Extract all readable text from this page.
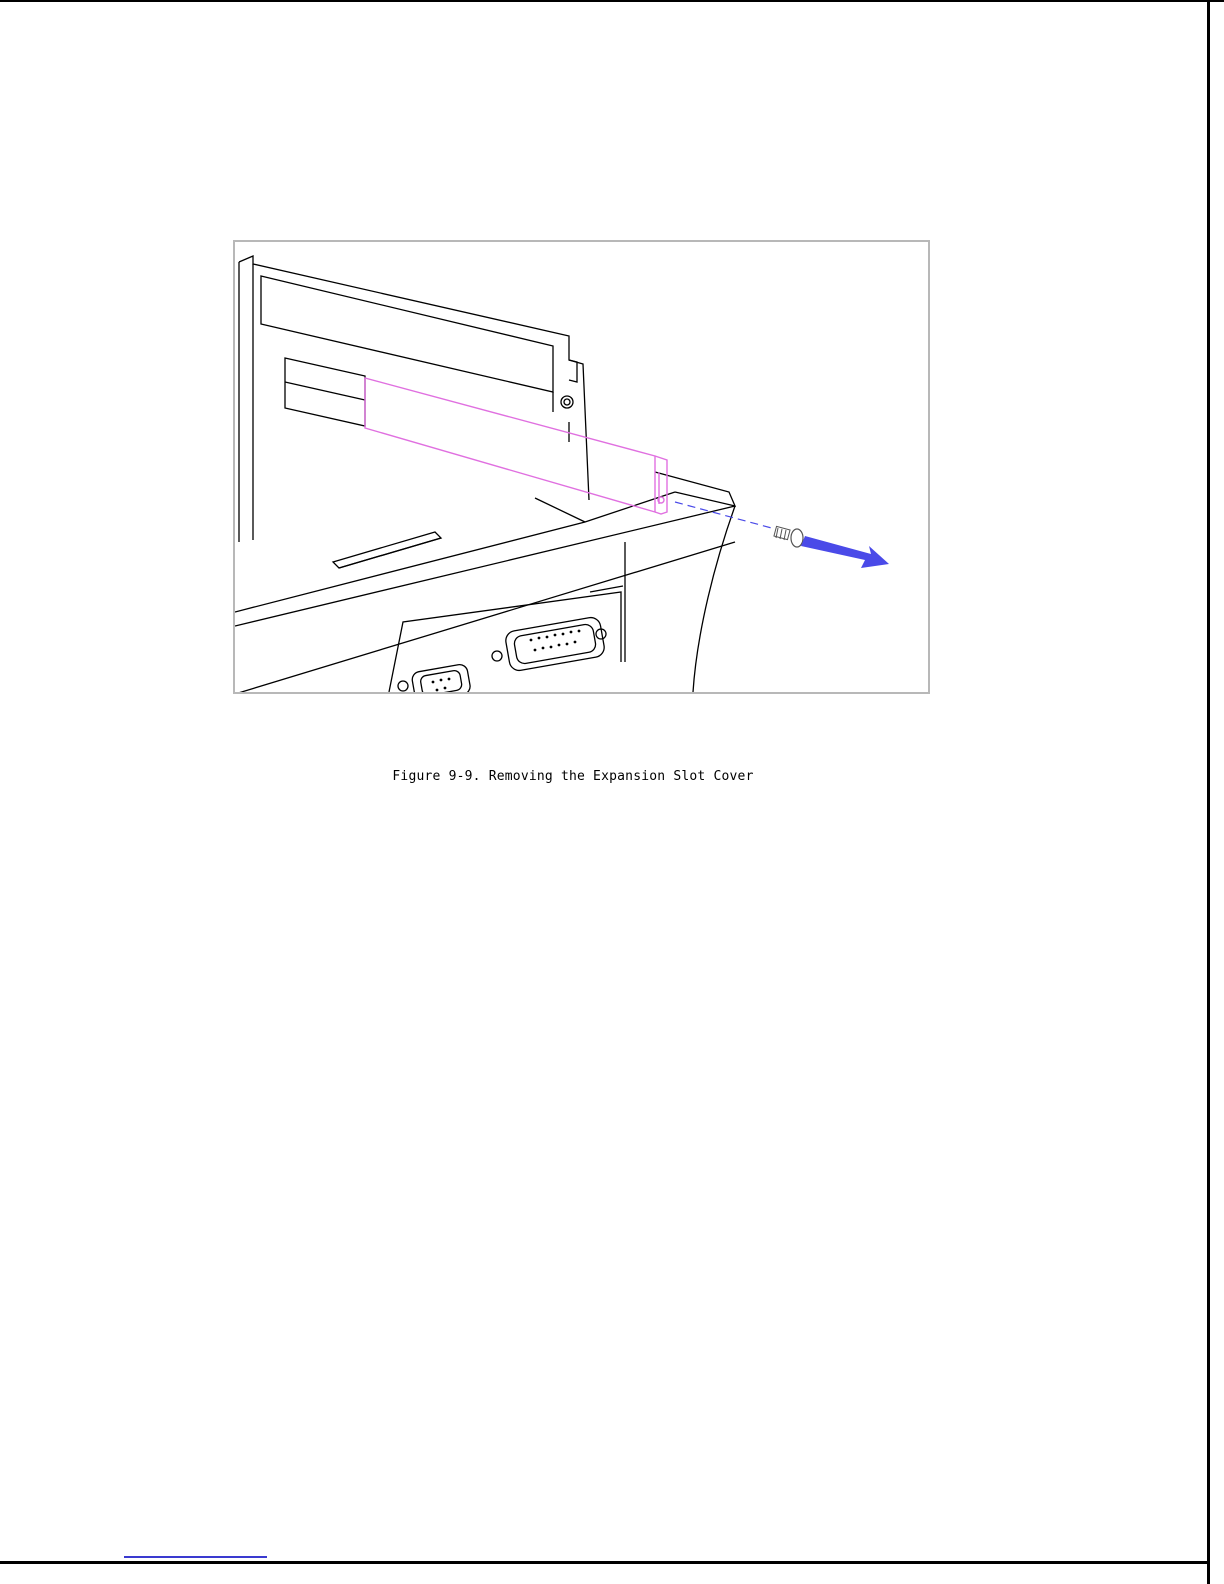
Figure 9-9. Removing the Expansion Slot Cover
